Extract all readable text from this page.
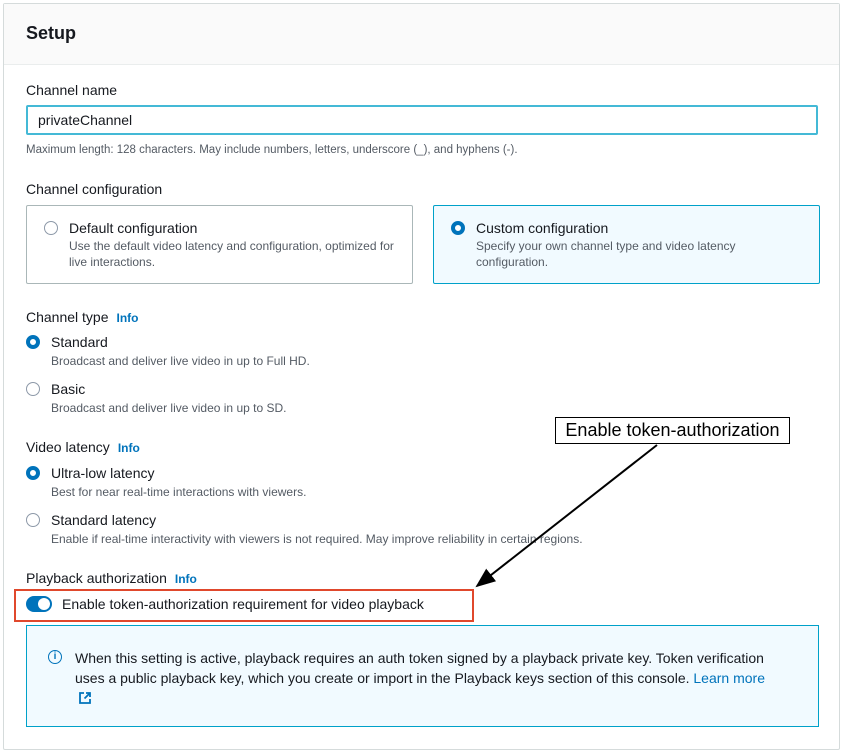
Setup
Channel name
privateChannel
Maximum length: 128 characters. May include numbers, letters, underscore (_), and hyphens (-).
Channel configuration
Default configuration
Use the default video latency and configuration, optimized for live interactions.
Custom configuration
Specify your own channel type and video latency configuration.
Channel type Info
Standard
Broadcast and deliver live video in up to Full HD.
Basic
Broadcast and deliver live video in up to SD.
Video latency Info
Ultra-low latency
Best for near real-time interactions with viewers.
Standard latency
Enable if real-time interactivity with viewers is not required. May improve reliability in certain regions.
Playback authorization Info
Enable token-authorization requirement for video playback
i	When this setting is active, playback requires an auth token signed by a playback private key. Token verification uses a public playback key, which you create or import in the Playback keys section of this console. Learn more
Enable token-authorization
